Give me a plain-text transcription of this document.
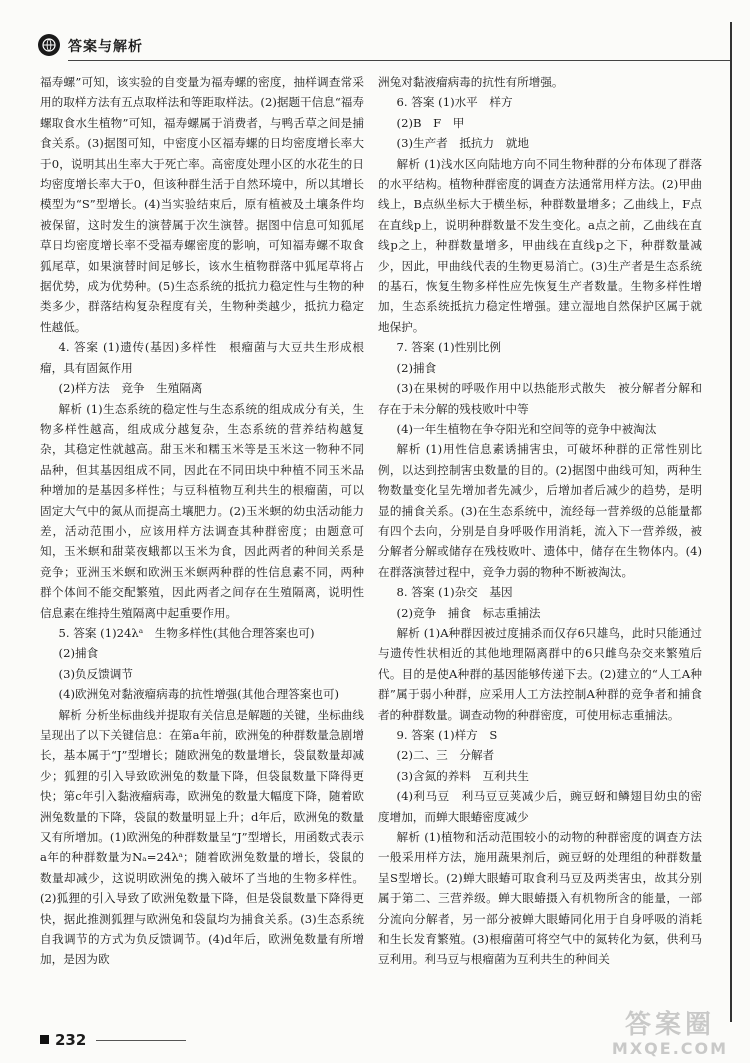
答案与解析

福寿螺”可知，该实验的自变量为福寿螺的密度，抽样调查常采用的取样方法有五点取样法和等距取样法。(2)据题干信息“福寿螺取食水生植物”可知，福寿螺属于消费者，与鸭舌草之间是捕食关系。(3)据图可知，中密度小区福寿螺的日均密度增长率大于0，说明其出生率大于死亡率。高密度处理小区的水花生的日均密度增长率大于0，但该种群生活于自然环境中，所以其增长模型为“S”型增长。(4)当实验结束后，原有植被及土壤条件均被保留，这时发生的演替属于次生演替。据图中信息可知狐尾草日均密度增长率不受福寿螺密度的影响，可知福寿螺不取食狐尾草，如果演替时间足够长，该水生植物群落中狐尾草将占据优势，成为优势种。(5)生态系统的抵抗力稳定性与生物的种类多少，群落结构复杂程度有关，生物种类越少，抵抗力稳定性越低。

4. 答案 (1)遗传(基因)多样性　根瘤菌与大豆共生形成根瘤，具有固氮作用

(2)样方法　竞争　生殖隔离

解析 (1)生态系统的稳定性与生态系统的组成成分有关，生物多样性越高，组成成分越复杂，生态系统的营养结构越复杂，其稳定性就越高。甜玉米和糯玉米等是玉米这一物种不同品种，但其基因组成不同，因此在不同田块中种植不同玉米品种增加的是基因多样性；与豆科植物互利共生的根瘤菌，可以固定大气中的氮从而提高土壤肥力。(2)玉米螟的幼虫活动能力差，活动范围小，应该用样方法调查其种群密度；由题意可知，玉米螟和甜菜夜蛾都以玉米为食，因此两者的种间关系是竞争；亚洲玉米螟和欧洲玉米螟两种群的性信息素不同，两种群个体间不能交配繁殖，因此两者之间存在生殖隔离，说明性信息素在维持生殖隔离中起重要作用。

5. 答案 (1)24λᵃ　生物多样性(其他合理答案也可)

(2)捕食

(3)负反馈调节

(4)欧洲兔对黏液瘤病毒的抗性增强(其他合理答案也可)

解析 分析坐标曲线并提取有关信息是解题的关键，坐标曲线呈现出了以下关键信息：在第a年前，欧洲兔的种群数量急剧增长，基本属于“J”型增长；随欧洲兔的数量增长，袋鼠数量却减少；狐狸的引入导致欧洲兔的数量下降，但袋鼠数量下降得更快；第c年引入黏液瘤病毒，欧洲兔的数量大幅度下降，随着欧洲兔数量的下降，袋鼠的数量明显上升；d年后，欧洲兔的数量又有所增加。(1)欧洲兔的种群数量呈“J”型增长，用函数式表示a年的种群数量为Nₐ=24λᵃ；随着欧洲兔数量的增长，袋鼠的数量却减少，这说明欧洲兔的携入破坏了当地的生物多样性。(2)狐狸的引入导致了欧洲兔数量下降，但是袋鼠数量下降得更快，据此推测狐狸与欧洲兔和袋鼠均为捕食关系。(3)生态系统自我调节的方式为负反馈调节。(4)d年后，欧洲兔数量有所增加，是因为欧

洲兔对黏液瘤病毒的抗性有所增强。

6. 答案 (1)水平　样方

(2)B　F　甲

(3)生产者　抵抗力　就地

解析 (1)浅水区向陆地方向不同生物种群的分布体现了群落的水平结构。植物种群密度的调查方法通常用样方法。(2)甲曲线上，B点纵坐标大于横坐标，种群数量增多；乙曲线上，F点在直线p上，说明种群数量不发生变化。a点之前，乙曲线在直线p之上，种群数量增多，甲曲线在直线p之下，种群数量减少，因此，甲曲线代表的生物更易消亡。(3)生产者是生态系统的基石，恢复生物多样性应先恢复生产者数量。生物多样性增加，生态系统抵抗力稳定性增强。建立湿地自然保护区属于就地保护。

7. 答案 (1)性别比例

(2)捕食

(3)在果树的呼吸作用中以热能形式散失　被分解者分解和存在于未分解的残枝败叶中等

(4)一年生植物在争夺阳光和空间等的竞争中被淘汰

解析 (1)用性信息素诱捕害虫，可破坏种群的正常性别比例，以达到控制害虫数量的目的。(2)据图中曲线可知，两种生物数量变化呈先增加者先减少，后增加者后减少的趋势，是明显的捕食关系。(3)在生态系统中，流经每一营养级的总能量都有四个去向，分别是自身呼吸作用消耗，流入下一营养级，被分解者分解或储存在残枝败叶、遗体中，储存在生物体内。(4)在群落演替过程中，竞争力弱的物种不断被淘汰。

8. 答案 (1)杂交　基因

(2)竞争　捕食　标志重捕法

解析 (1)A种群因被过度捕杀而仅存6只雄鸟，此时只能通过与遗传性状相近的其他地理隔离群中的6只雌鸟杂交来繁殖后代。目的是使A种群的基因能够传递下去。(2)建立的“人工A种群”属于弱小种群，应采用人工方法控制A种群的竞争者和捕食者的种群数量。调查动物的种群密度，可使用标志重捕法。

9. 答案 (1)样方　S

(2)二、三　分解者

(3)含氮的养料　互利共生

(4)利马豆　利马豆豆荚减少后，豌豆蚜和鳞翅目幼虫的密度增加，而蝉大眼蝽密度减少

解析 (1)植物和活动范围较小的动物的种群密度的调查方法一般采用样方法，施用蔬果剂后，豌豆蚜的处理组的种群数量呈S型增长。(2)蝉大眼蝽可取食利马豆及两类害虫，故其分别属于第二、三营养级。蝉大眼蝽摄入有机物所含的能量，一部分流向分解者，另一部分被蝉大眼蝽同化用于自身呼吸的消耗和生长发育繁殖。(3)根瘤菌可将空气中的氮转化为氨，供利马豆利用。利马豆与根瘤菌为互利共生的种间关

232	答案圈
MXQE.COM
